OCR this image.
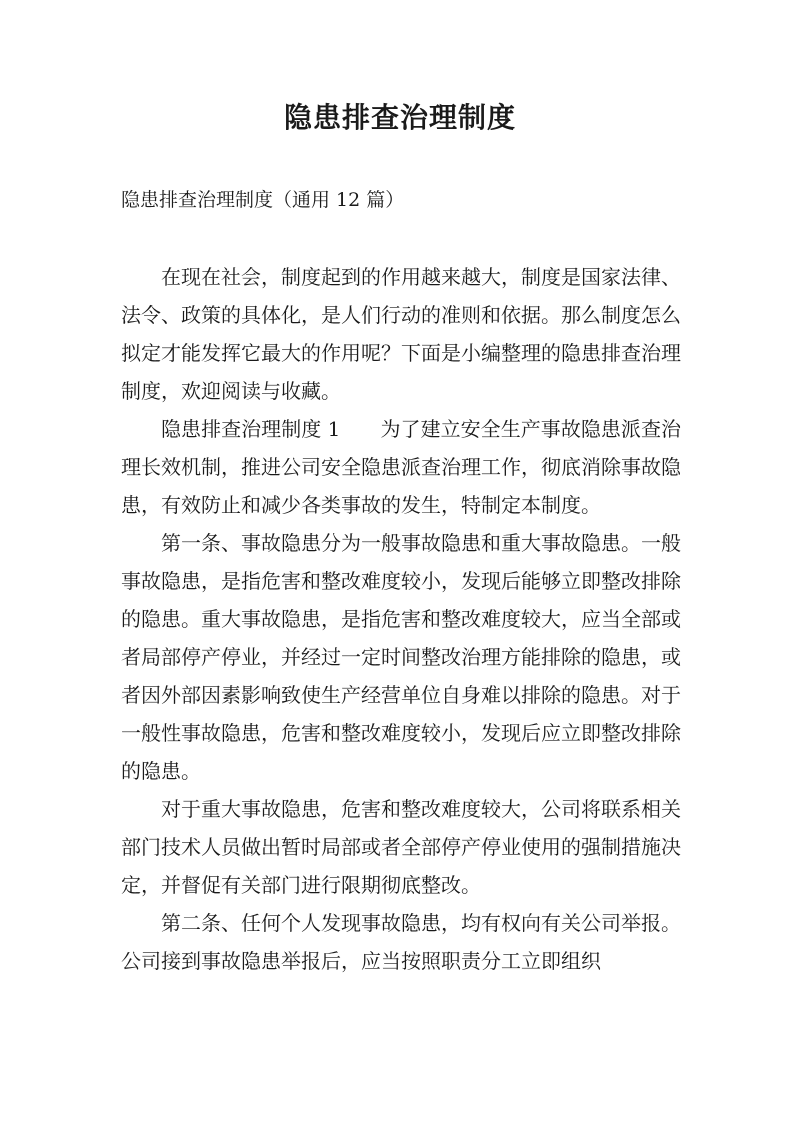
隐患排查治理制度

隐患排查治理制度（通用 12 篇）

在现在社会，制度起到的作用越来越大，制度是国家法律、法令、政策的具体化，是人们行动的准则和依据。那么制度怎么拟定才能发挥它最大的作用呢？下面是小编整理的隐患排查治理制度，欢迎阅读与收藏。

隐患排查治理制度 1　　为了建立安全生产事故隐患派查治理长效机制，推进公司安全隐患派查治理工作，彻底消除事故隐患，有效防止和减少各类事故的发生，特制定本制度。

第一条、事故隐患分为一般事故隐患和重大事故隐患。一般事故隐患，是指危害和整改难度较小，发现后能够立即整改排除的隐患。重大事故隐患，是指危害和整改难度较大，应当全部或者局部停产停业，并经过一定时间整改治理方能排除的隐患，或者因外部因素影响致使生产经营单位自身难以排除的隐患。对于一般性事故隐患，危害和整改难度较小，发现后应立即整改排除的隐患。

对于重大事故隐患，危害和整改难度较大，公司将联系相关部门技术人员做出暂时局部或者全部停产停业使用的强制措施决定，并督促有关部门进行限期彻底整改。

第二条、任何个人发现事故隐患，均有权向有关公司举报。公司接到事故隐患举报后，应当按照职责分工立即组织
